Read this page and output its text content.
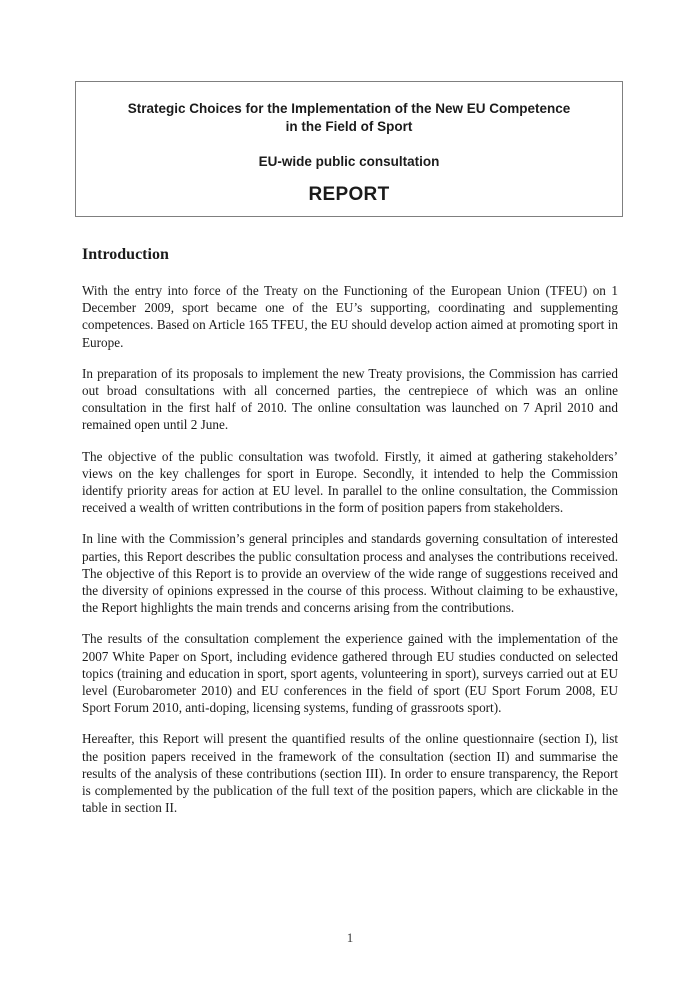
Strategic Choices for the Implementation of the New EU Competence
in the Field of Sport
EU-wide public consultation
REPORT
Introduction

With the entry into force of the Treaty on the Functioning of the European Union (TFEU) on 1 December 2009, sport became one of the EU’s supporting, coordinating and supplementing competences. Based on Article 165 TFEU, the EU should develop action aimed at promoting sport in Europe.

In preparation of its proposals to implement the new Treaty provisions, the Commission has carried out broad consultations with all concerned parties, the centrepiece of which was an online consultation in the first half of 2010. The online consultation was launched on 7 April 2010 and remained open until 2 June.

The objective of the public consultation was twofold. Firstly, it aimed at gathering stakeholders’ views on the key challenges for sport in Europe. Secondly, it intended to help the Commission identify priority areas for action at EU level. In parallel to the online consultation, the Commission received a wealth of written contributions in the form of position papers from stakeholders.

In line with the Commission’s general principles and standards governing consultation of interested parties, this Report describes the public consultation process and analyses the contributions received. The objective of this Report is to provide an overview of the wide range of suggestions received and the diversity of opinions expressed in the course of this process. Without claiming to be exhaustive, the Report highlights the main trends and concerns arising from the contributions.

The results of the consultation complement the experience gained with the implementation of the 2007 White Paper on Sport, including evidence gathered through EU studies conducted on selected topics (training and education in sport, sport agents, volunteering in sport), surveys carried out at EU level (Eurobarometer 2010) and EU conferences in the field of sport (EU Sport Forum 2008, EU Sport Forum 2010, anti-doping, licensing systems, funding of grassroots sport).

Hereafter, this Report will present the quantified results of the online questionnaire (section I), list the position papers received in the framework of the consultation (section II) and summarise the results of the analysis of these contributions (section III). In order to ensure transparency, the Report is complemented by the publication of the full text of the position papers, which are clickable in the table in section II.

1
